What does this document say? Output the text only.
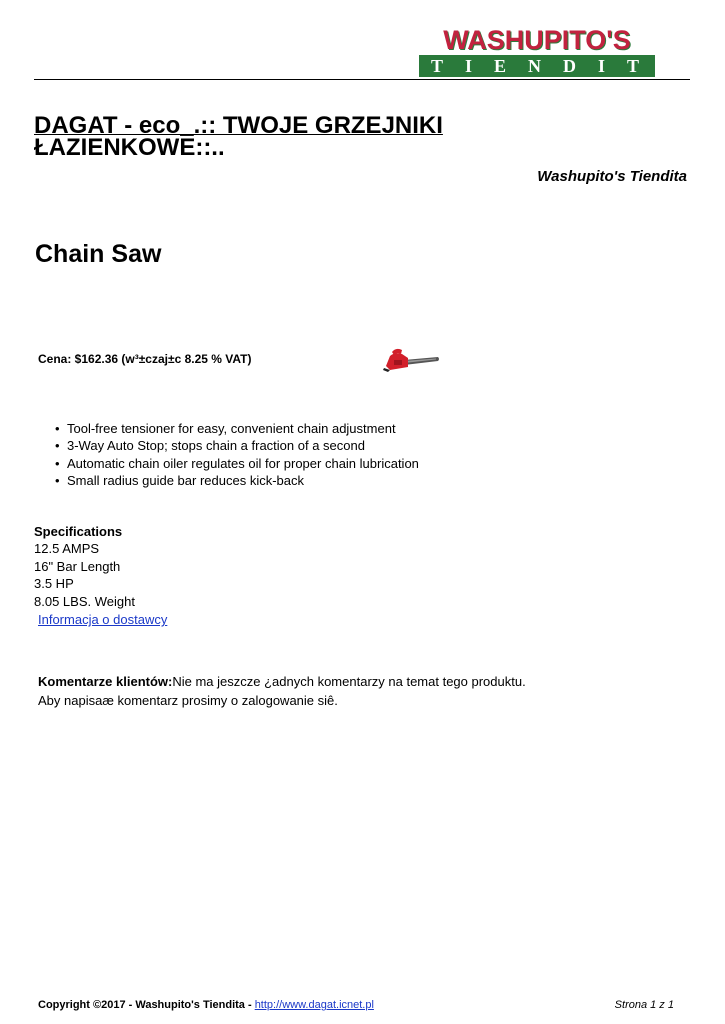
WASHUPITO'S
TIENDITA
DAGAT - eco_.:: TWOJE GRZEJNIKI
ŁAZIENKOWE::..
Washupito's Tiendita
Chain Saw
Cena: $162.36 (w³±czaj±c 8.25 % VAT)
• Tool-free tensioner for easy, convenient chain adjustment
• 3-Way Auto Stop; stops chain a fraction of a second
• Automatic chain oiler regulates oil for proper chain lubrication
• Small radius guide bar reduces kick-back
Specifications
12.5 AMPS
16" Bar Length
3.5 HP
8.05 LBS. Weight
Informacja o dostawcy
Komentarze klientów:Nie ma jeszcze ¿adnych komentarzy na temat tego produktu.
Aby napisaæ komentarz prosimy o zalogowanie siê.
Copyright ©2017 - Washupito's Tiendita - http://www.dagat.icnet.pl	Strona 1 z 1
